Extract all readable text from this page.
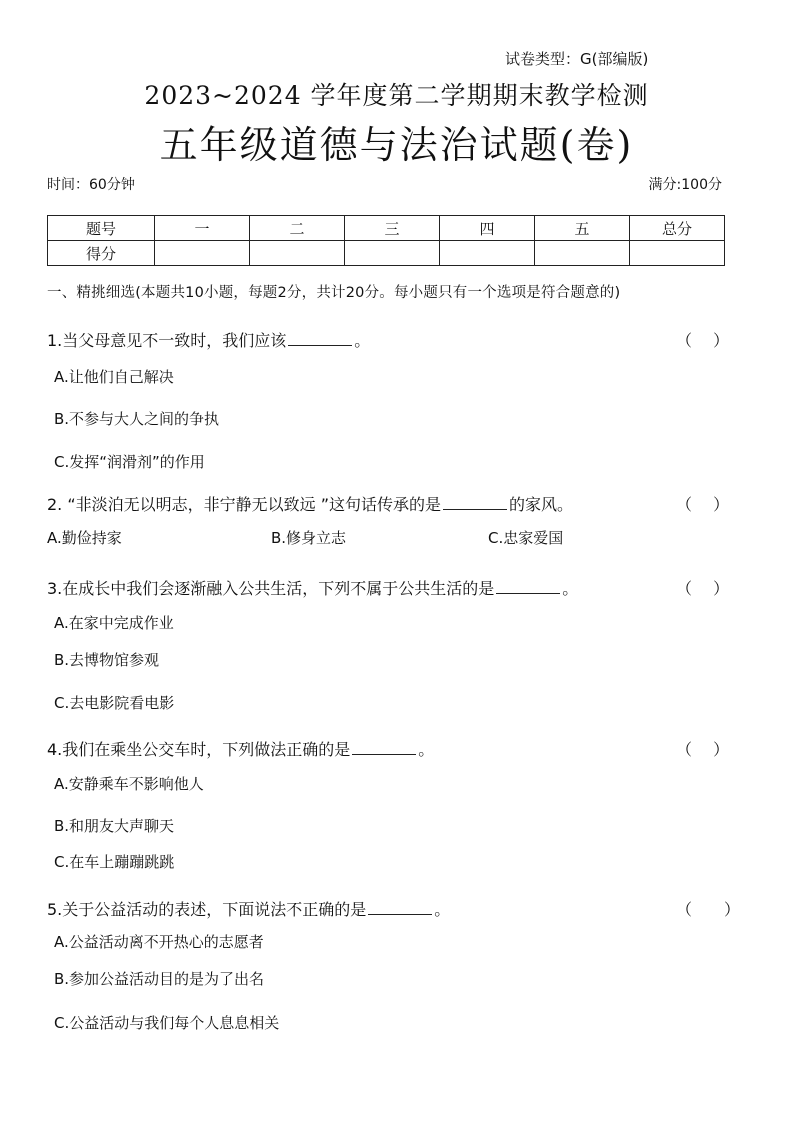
试卷类型：G(部编版)
2023~2024 学年度第二学期期末教学检测
五年级道德与法治试题(卷)
时间：60分钟	满分:100分
题号	一	二	三	四	五	总分
得分						
一、精挑细选(本题共10小题，每题2分，共计20分。每小题只有一个选项是符合题意的)
1.当父母意见不一致时，我们应该	。	（　 ）
A.让他们自己解决
B.不参与大人之间的争执
C.发挥“润滑剂”的作用
2. “非淡泊无以明志，非宁静无以致远 ”这句话传承的是	的家风。	（　 ）
A.勤俭持家	B.修身立志	C.忠家爱国
3.在成长中我们会逐渐融入公共生活，下列不属于公共生活的是	。	（　 ）
A.在家中完成作业
B.去博物馆参观
C.去电影院看电影
4.我们在乘坐公交车时，下列做法正确的是	。	（　 ）
A.安静乘车不影响他人
B.和朋友大声聊天
C.在车上蹦蹦跳跳
5.关于公益活动的表述，下面说法不正确的是	。	（　　）
A.公益活动离不开热心的志愿者
B.参加公益活动目的是为了出名
C.公益活动与我们每个人息息相关
